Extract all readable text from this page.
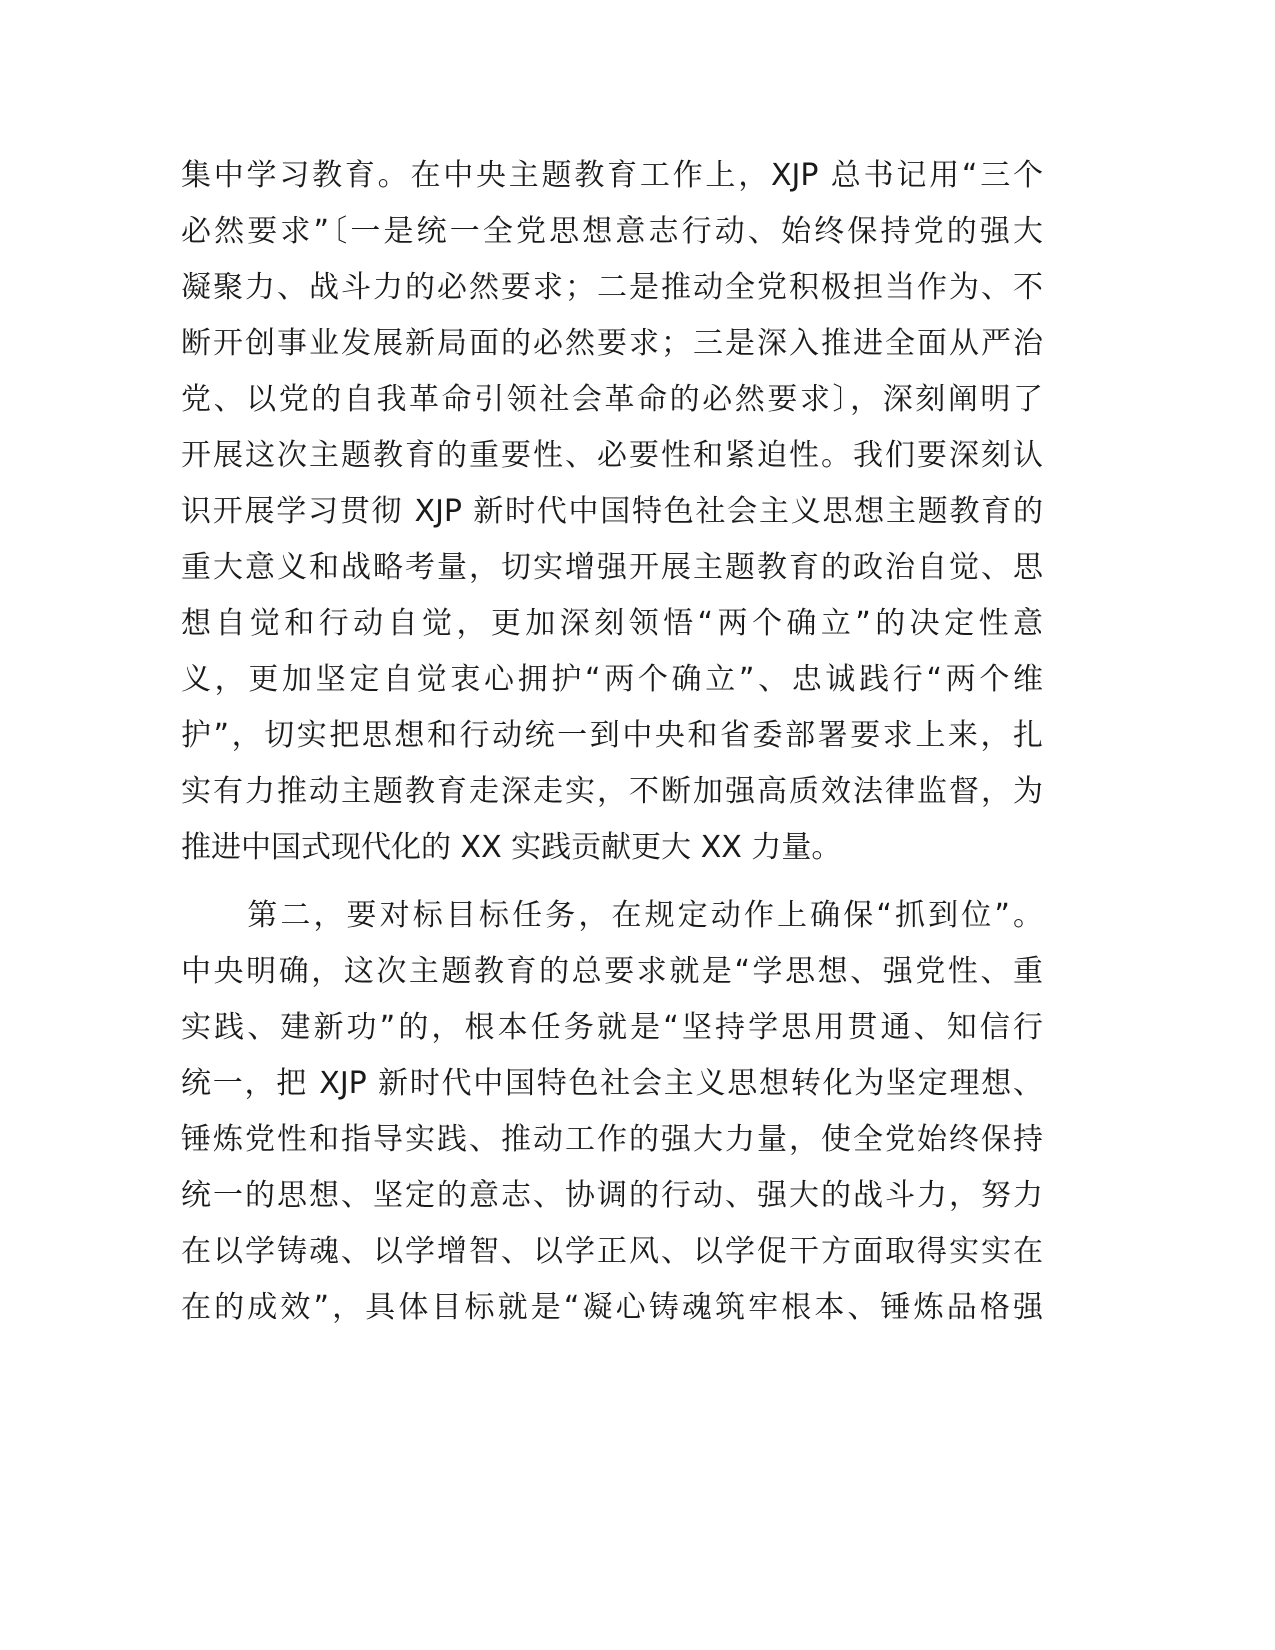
集中学习教育。在中央主题教育工作上，XJP 总书记用“三个
必然要求”〔一是统一全党思想意志行动、始终保持党的强大
凝聚力、战斗力的必然要求；二是推动全党积极担当作为、不
断开创事业发展新局面的必然要求；三是深入推进全面从严治
党、以党的自我革命引领社会革命的必然要求〕，深刻阐明了
开展这次主题教育的重要性、必要性和紧迫性。我们要深刻认
识开展学习贯彻 XJP 新时代中国特色社会主义思想主题教育的
重大意义和战略考量，切实增强开展主题教育的政治自觉、思
想自觉和行动自觉，更加深刻领悟“两个确立”的决定性意
义，更加坚定自觉衷心拥护“两个确立”、忠诚践行“两个维
护”，切实把思想和行动统一到中央和省委部署要求上来，扎
实有力推动主题教育走深走实，不断加强高质效法律监督，为
推进中国式现代化的 XX 实践贡献更大 XX 力量。
　　第二，要对标目标任务，在规定动作上确保“抓到位”。
中央明确，这次主题教育的总要求就是“学思想、强党性、重
实践、建新功”的，根本任务就是“坚持学思用贯通、知信行
统一，把 XJP 新时代中国特色社会主义思想转化为坚定理想、
锤炼党性和指导实践、推动工作的强大力量，使全党始终保持
统一的思想、坚定的意志、协调的行动、强大的战斗力，努力
在以学铸魂、以学增智、以学正风、以学促干方面取得实实在
在的成效”，具体目标就是“凝心铸魂筑牢根本、锤炼品格强
